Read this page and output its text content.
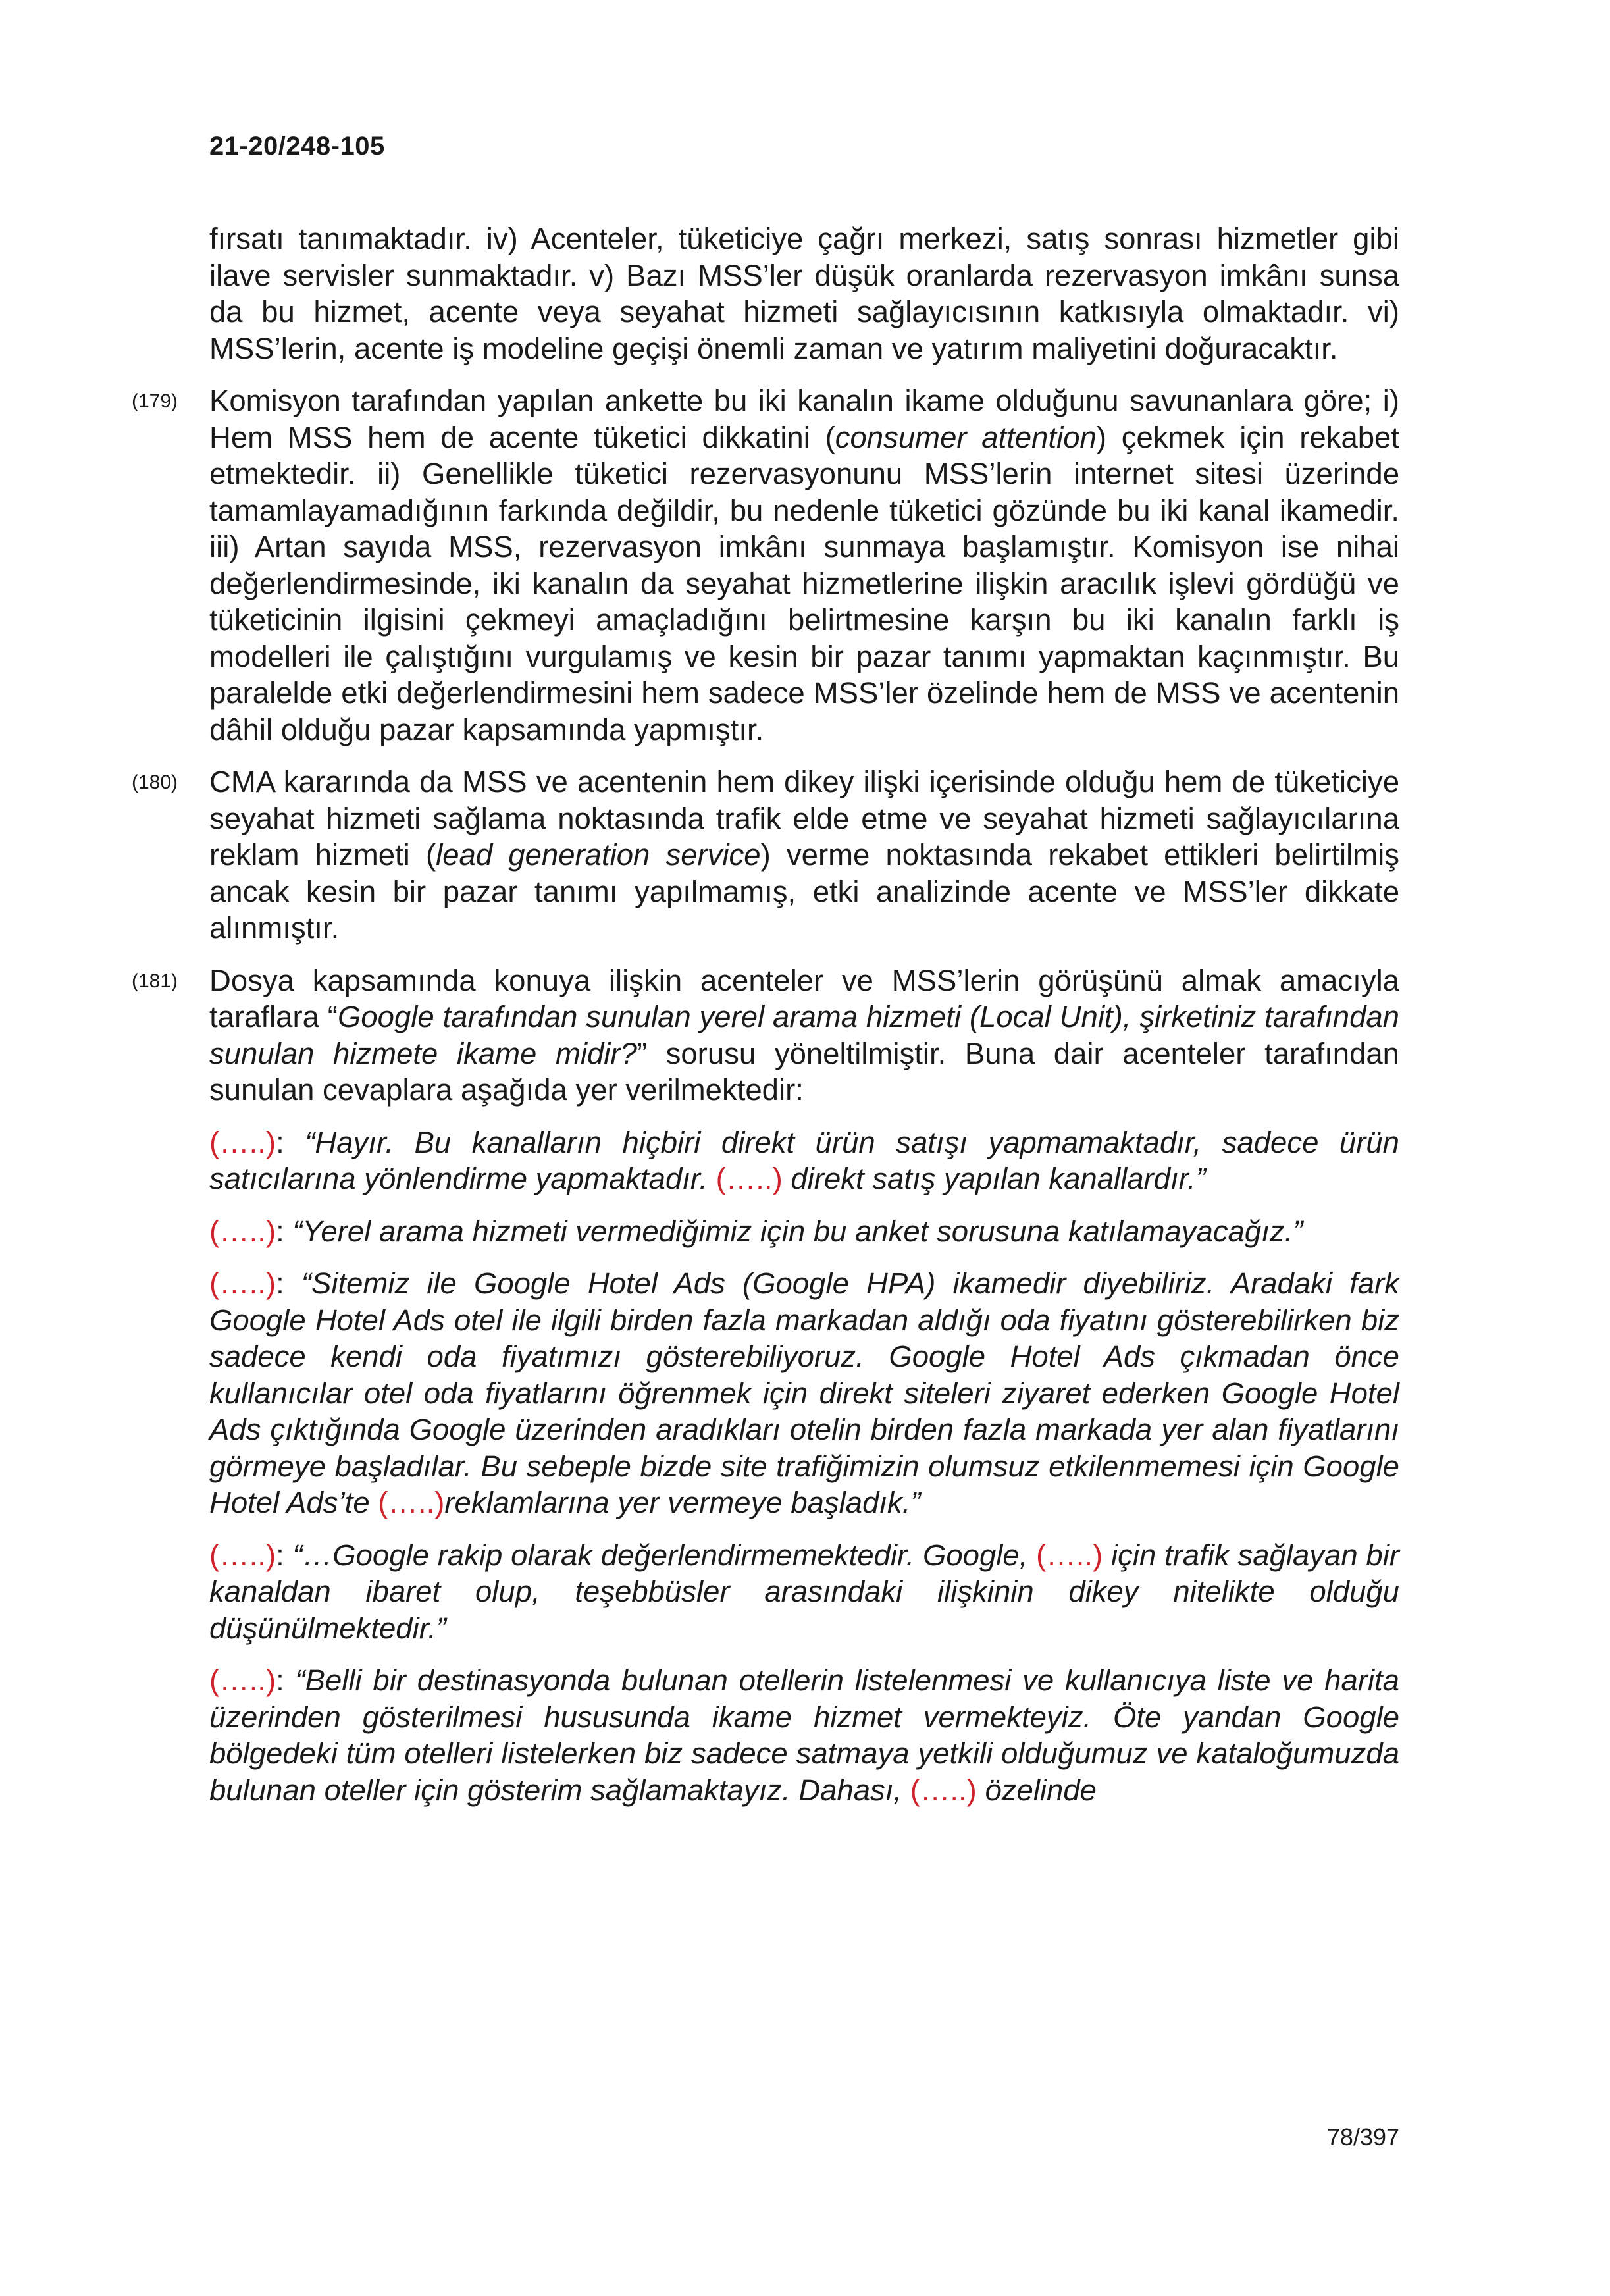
21-20/248-105

fırsatı tanımaktadır. iv) Acenteler, tüketiciye çağrı merkezi, satış sonrası hizmetler gibi ilave servisler sunmaktadır. v) Bazı MSS’ler düşük oranlarda rezervasyon imkânı sunsa da bu hizmet, acente veya seyahat hizmeti sağlayıcısının katkısıyla olmaktadır. vi) MSS’lerin, acente iş modeline geçişi önemli zaman ve yatırım maliyetini doğuracaktır.

(179) Komisyon tarafından yapılan ankette bu iki kanalın ikame olduğunu savunanlara göre; i) Hem MSS hem de acente tüketici dikkatini (consumer attention) çekmek için rekabet etmektedir. ii) Genellikle tüketici rezervasyonunu MSS’lerin internet sitesi üzerinde tamamlayamadığının farkında değildir, bu nedenle tüketici gözünde bu iki kanal ikamedir. iii) Artan sayıda MSS, rezervasyon imkânı sunmaya başlamıştır. Komisyon ise nihai değerlendirmesinde, iki kanalın da seyahat hizmetlerine ilişkin aracılık işlevi gördüğü ve tüketicinin ilgisini çekmeyi amaçladığını belirtmesine karşın bu iki kanalın farklı iş modelleri ile çalıştığını vurgulamış ve kesin bir pazar tanımı yapmaktan kaçınmıştır. Bu paralelde etki değerlendirmesini hem sadece MSS’ler özelinde hem de MSS ve acentenin dâhil olduğu pazar kapsamında yapmıştır.

(180) CMA kararında da MSS ve acentenin hem dikey ilişki içerisinde olduğu hem de tüketiciye seyahat hizmeti sağlama noktasında trafik elde etme ve seyahat hizmeti sağlayıcılarına reklam hizmeti (lead generation service) verme noktasında rekabet ettikleri belirtilmiş ancak kesin bir pazar tanımı yapılmamış, etki analizinde acente ve MSS’ler dikkate alınmıştır.

(181) Dosya kapsamında konuya ilişkin acenteler ve MSS’lerin görüşünü almak amacıyla taraflara “Google tarafından sunulan yerel arama hizmeti (Local Unit), şirketiniz tarafından sunulan hizmete ikame midir?” sorusu yöneltilmiştir. Buna dair acenteler tarafından sunulan cevaplara aşağıda yer verilmektedir:

(…..): “Hayır. Bu kanalların hiçbiri direkt ürün satışı yapmamaktadır, sadece ürün satıcılarına yönlendirme yapmaktadır. (…..) direkt satış yapılan kanallardır.”

(…..): “Yerel arama hizmeti vermediğimiz için bu anket sorusuna katılamayacağız.”

(…..): “Sitemiz ile Google Hotel Ads (Google HPA) ikamedir diyebiliriz. Aradaki fark Google Hotel Ads otel ile ilgili birden fazla markadan aldığı oda fiyatını gösterebilirken biz sadece kendi oda fiyatımızı gösterebiliyoruz. Google Hotel Ads çıkmadan önce kullanıcılar otel oda fiyatlarını öğrenmek için direkt siteleri ziyaret ederken Google Hotel Ads çıktığında Google üzerinden aradıkları otelin birden fazla markada yer alan fiyatlarını görmeye başladılar. Bu sebeple bizde site trafiğimizin olumsuz etkilenmemesi için Google Hotel Ads’te (…..)reklamlarına yer vermeye başladık.”

(…..): “…Google rakip olarak değerlendirmemektedir. Google, (…..) için trafik sağlayan bir kanaldan ibaret olup, teşebbüsler arasındaki ilişkinin dikey nitelikte olduğu düşünülmektedir.”

(…..): “Belli bir destinasyonda bulunan otellerin listelenmesi ve kullanıcıya liste ve harita üzerinden gösterilmesi hususunda ikame hizmet vermekteyiz. Öte yandan Google bölgedeki tüm otelleri listelerken biz sadece satmaya yetkili olduğumuz ve kataloğumuzda bulunan oteller için gösterim sağlamaktayız. Dahası, (…..) özelinde

78/397
